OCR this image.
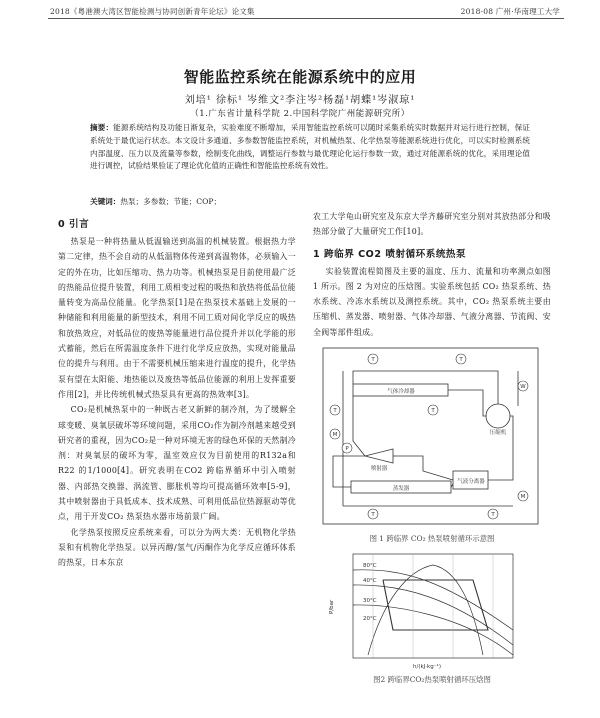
2018《粤港澳大湾区智能检测与协同创新青年论坛》论文集	2018-08 广州·华南理工大学
智能监控系统在能源系统中的应用
刘培¹ 徐标¹ 岑维文²李注岑²杨磊¹胡蝶¹岑淑琼¹
（1.广东省计量科学院 2.中国科学院广州能源研究所）
摘要：能源系统结构及功能日渐复杂，实验难度不断增加，采用智能监控系统可以随时采集系统实时数据并对运行进行控制，保证系统处于最优运行状态。本文设计多通道、多参数智能监控系统，对机械热泵、化学热泵等能源系统进行优化，可以实时检测系统内部温度、压力以及流量等参数，绘制变化曲线，调整运行参数与最优理论化运行参数一致，通过对能源系统的优化，采用理论值进行调控，试验结果验证了理论优化值的正确性和智能监控系统有效性。
关键词：热泵；多参数；节能；COP；
0 引言

热泵是一种将热量从低温输送到高温的机械装置。根据热力学第二定律，热不会自动的从低温物体传递到高温物体，必须输入一定的外在功，比如压缩功、热力功等。机械热泵是目前使用最广泛的热能品位提升装置，利用工质相变过程的吸热和放热将低品位能量转变为高品位能量。化学热泵[1]是在热泵技术基础上发展的一种储能和利用能量的新型技术，利用不同工质对间化学反应的吸热和放热效应，对低品位的废热等能量进行品位提升并以化学能的形式蓄能，然后在所需温度条件下进行化学反应放热，实现对能量品位的提升与利用。由于不需要机械压缩来进行温度的提升，化学热泵有望在太阳能、地热能以及废热等低品位能源的利用上发挥重要作用[2]，并比传统机械式热泵具有更高的热效率[3]。

CO₂是机械热泵中的一种既古老又新鲜的制冷剂，为了缓解全球变暖、臭氧层破坏等环境问题，采用CO₂作为制冷剂越来越受到研究者的重视，因为CO₂是一种对环境无害的绿色环保的天然制冷剂：对臭氧层的破坏为零，温室效应仅为目前使用的R132a和R22 的1/1000[4]。研究表明在CO2 跨临界循环中引入喷射器、内部热交换器、涡流管、膨胀机等均可提高循环效率[5-9]，其中喷射器由于具低成本、技术成熟、可利用低品位热源驱动等优点，用于开发CO₂ 热泵热水器市场前景广阔。

化学热泵按照反应系统来看，可以分为两大类：无机物化学热泵和有机物化学热泵。以异丙醇/氢气/丙酮作为化学反应循环体系的热泵，日本东京

农工大学龟山研究室及东京大学齐藤研究室分别对其放热部分和吸热部分做了大量研究工作[10]。

1 跨临界 CO2 喷射循环系统热泵

实验装置流程简图及主要的温度、压力、流量和功率测点如图 1 所示。图 2 为对应的压焓图。实验系统包括 CO₂ 热泵系统、热水系统、冷冻水系统以及测控系统。其中，CO₂ 热泵系统主要由压缩机、蒸发器、喷射器、气体冷却器、气液分离器、节流阀、安全阀等部件组成。

气体冷却器
压缩机
喷射器
蒸发器
气液分离器
T	T
T	T
M
P
W
T	T
M
图 1 跨临界 CO₂ 热泵喷射循环示意图
P/bar
h/(kJ·kg⁻¹)
80°C
40°C
30°C
20°C
图2 跨临界CO₂热泵喷射循环压焓图
